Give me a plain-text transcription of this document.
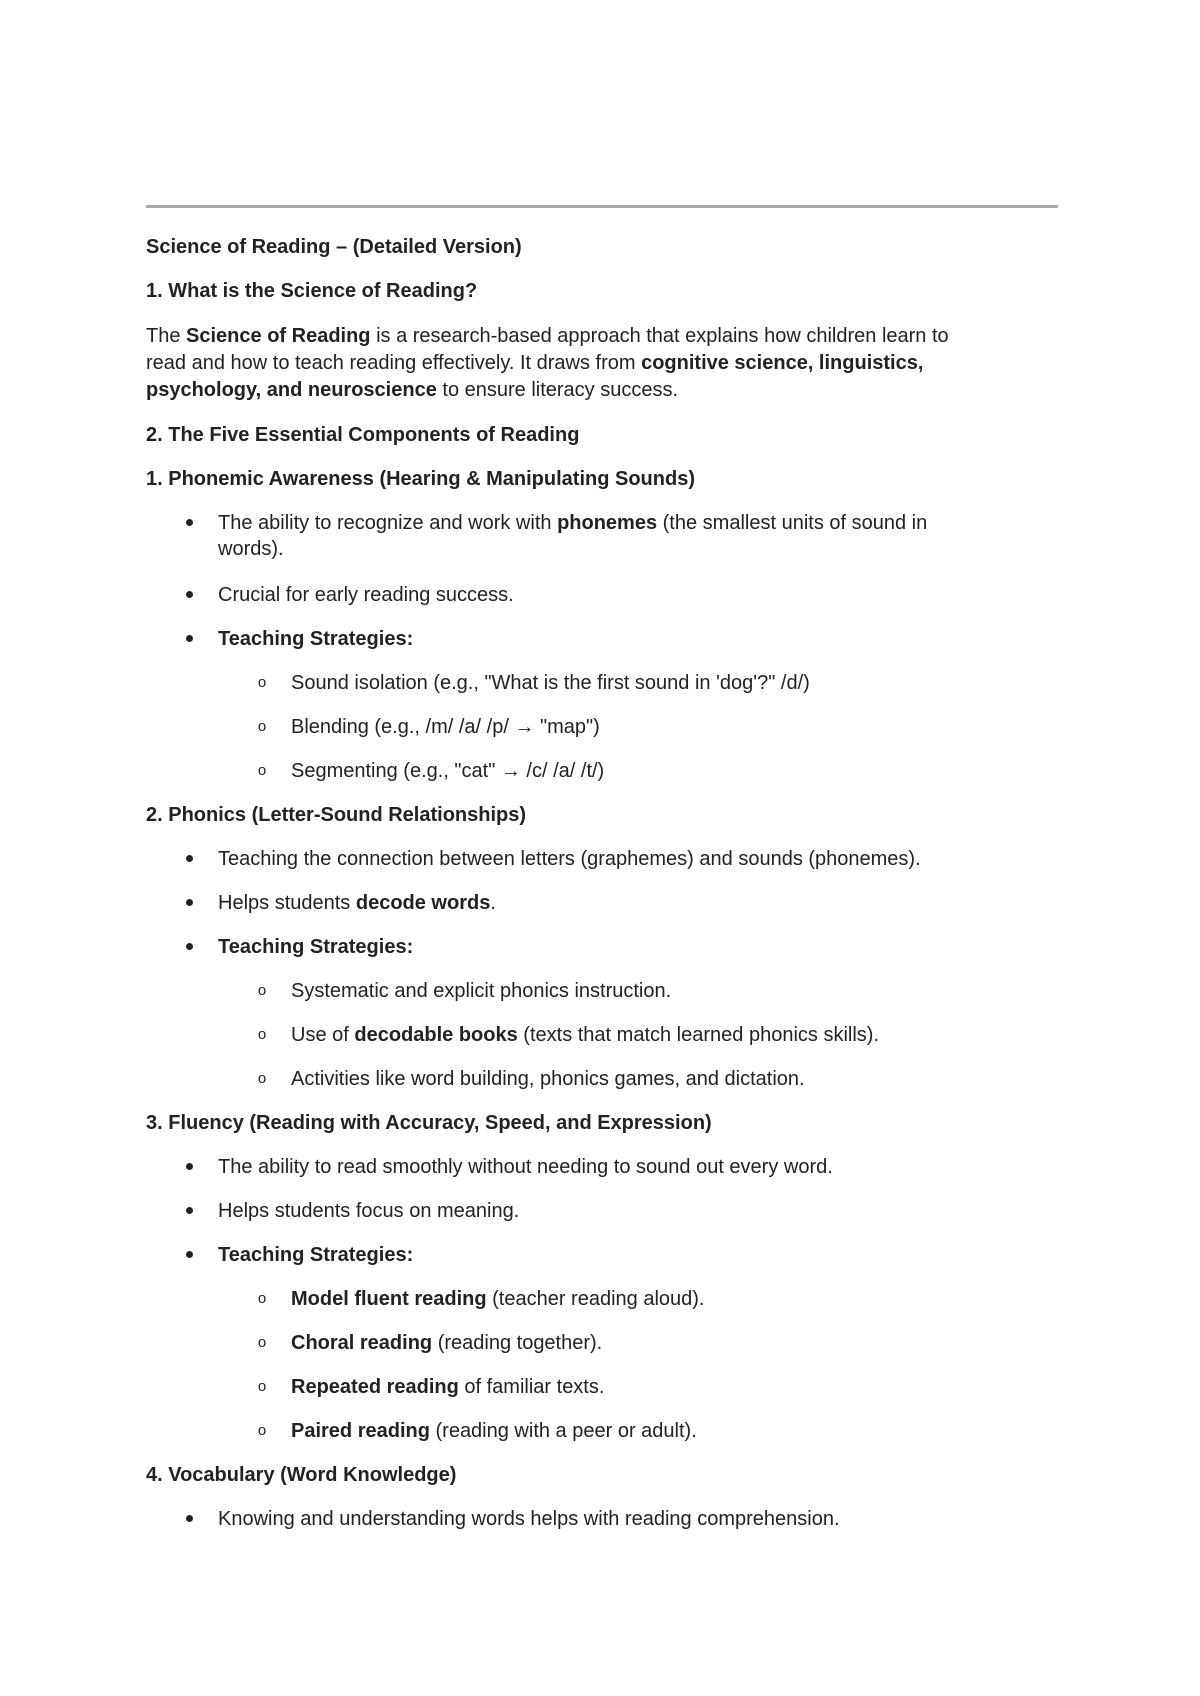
Science of Reading – (Detailed Version)
1. What is the Science of Reading?
The Science of Reading is a research-based approach that explains how children learn to
read and how to teach reading effectively. It draws from cognitive science, linguistics,
psychology, and neuroscience to ensure literacy success.
2. The Five Essential Components of Reading
1. Phonemic Awareness (Hearing & Manipulating Sounds)
The ability to recognize and work with phonemes (the smallest units of sound in
words).
Crucial for early reading success.
Teaching Strategies:
o Sound isolation (e.g., "What is the first sound in 'dog'?" /d/)
o Blending (e.g., /m/ /a/ /p/ → "map")
o Segmenting (e.g., "cat" → /c/ /a/ /t/)
2. Phonics (Letter-Sound Relationships)
Teaching the connection between letters (graphemes) and sounds (phonemes).
Helps students decode words.
Teaching Strategies:
o Systematic and explicit phonics instruction.
o Use of decodable books (texts that match learned phonics skills).
o Activities like word building, phonics games, and dictation.
3. Fluency (Reading with Accuracy, Speed, and Expression)
The ability to read smoothly without needing to sound out every word.
Helps students focus on meaning.
Teaching Strategies:
o Model fluent reading (teacher reading aloud).
o Choral reading (reading together).
o Repeated reading of familiar texts.
o Paired reading (reading with a peer or adult).
4. Vocabulary (Word Knowledge)
Knowing and understanding words helps with reading comprehension.
